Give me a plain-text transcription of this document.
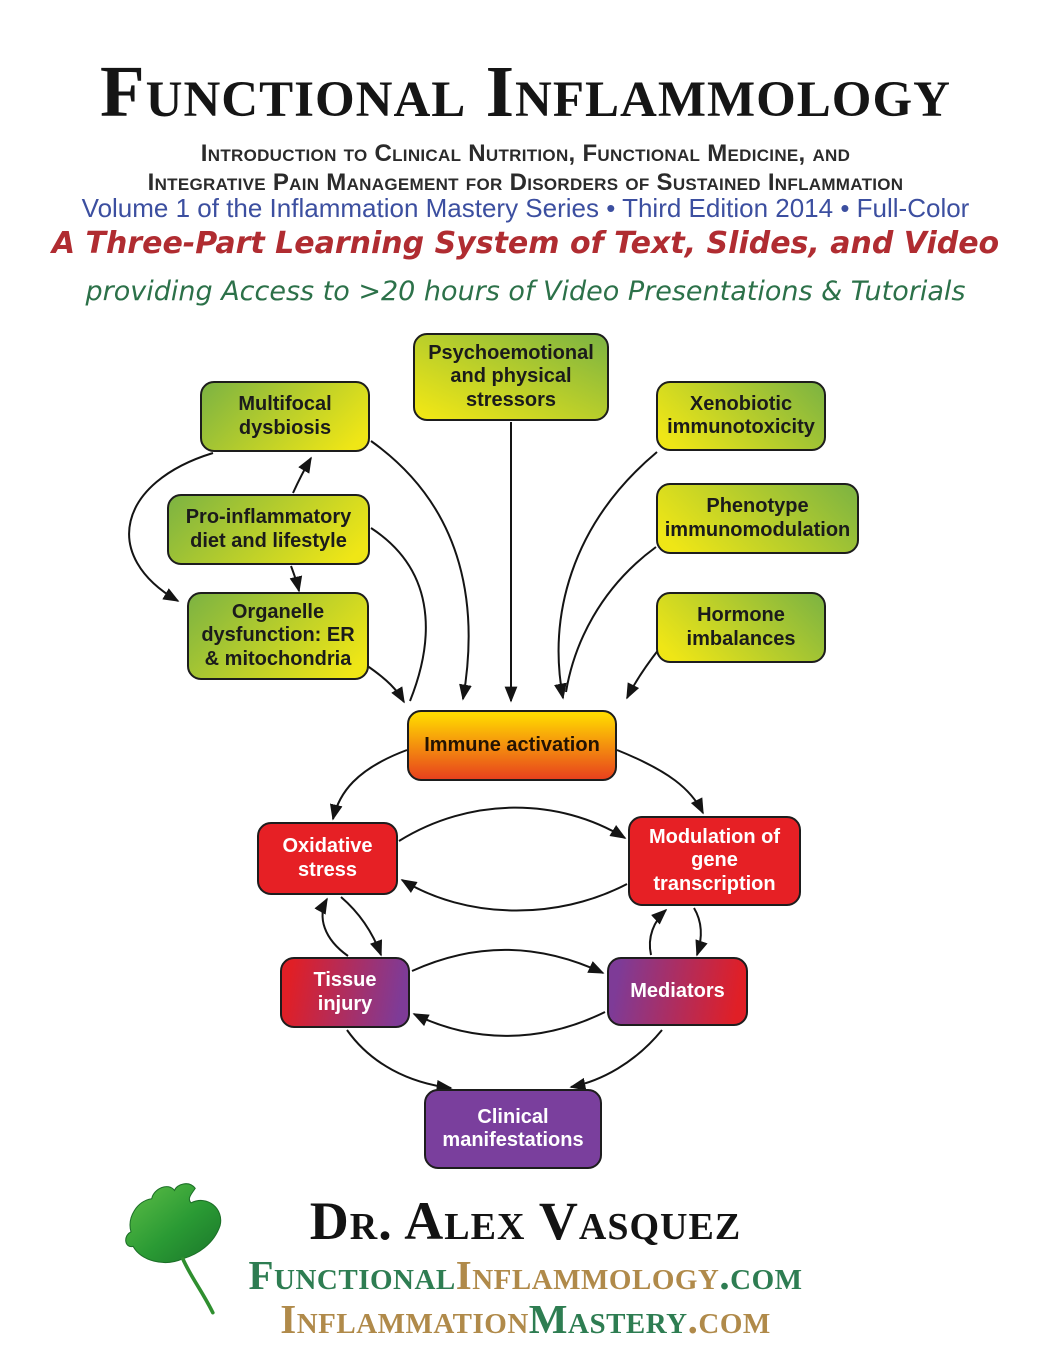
Functional Inflammology
Introduction to Clinical Nutrition, Functional Medicine, and
Integrative Pain Management for Disorders of Sustained Inflammation
Volume 1 of the Inflammation Mastery Series • Third Edition 2014 • Full-Color
A Three-Part Learning System of Text, Slides, and Video
providing Access to >20 hours of Video Presentations & Tutorials
Psychoemotional and physical stressors
Multifocal dysbiosis
Xenobiotic immunotoxicity
Pro-inflammatory diet and lifestyle
Phenotype immunomodulation
Organelle dysfunction: ER & mitochondria
Hormone imbalances
Immune activation
Oxidative stress
Modulation of gene transcription
Tissue injury
Mediators
Clinical manifestations
Dr. Alex Vasquez
FunctionalInflammology.com
InflammationMastery.com
